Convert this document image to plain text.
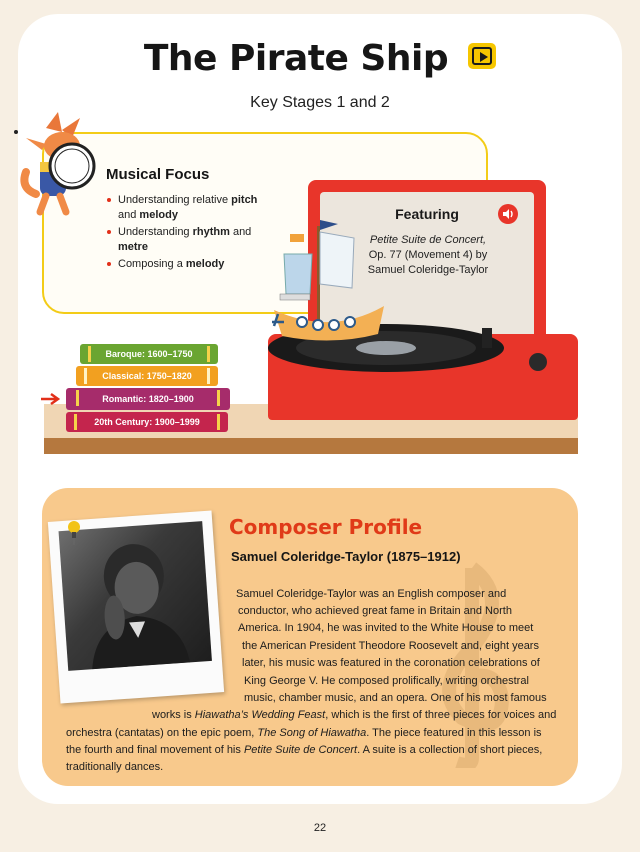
The Pirate Ship
Key Stages 1 and 2
Musical Focus
Understanding relative pitch and melody
Understanding rhythm and metre
Composing a melody
Featuring
Petite Suite de Concert,
Op. 77 (Movement 4) by
Samuel Coleridge-Taylor
Baroque: 1600–1750
Classical: 1750–1820
Romantic: 1820–1900
20th Century: 1900–1999
Composer Profile
Samuel Coleridge-Taylor (1875–1912)
Samuel Coleridge-Taylor was an English composer and
conductor, who achieved great fame in Britain and North
America. In 1904, he was invited to the White House to meet
the American President Theodore Roosevelt and, eight years
later, his music was featured in the coronation celebrations of
King George V. He composed prolifically, writing orchestral
music, chamber music, and an opera. One of his most famous
works is Hiawatha’s Wedding Feast, which is the first of three pieces for voices and
orchestra (cantatas) on the epic poem, The Song of Hiawatha. The piece featured in this lesson is
the fourth and final movement of his Petite Suite de Concert. A suite is a collection of short pieces,
traditionally dances.
22
